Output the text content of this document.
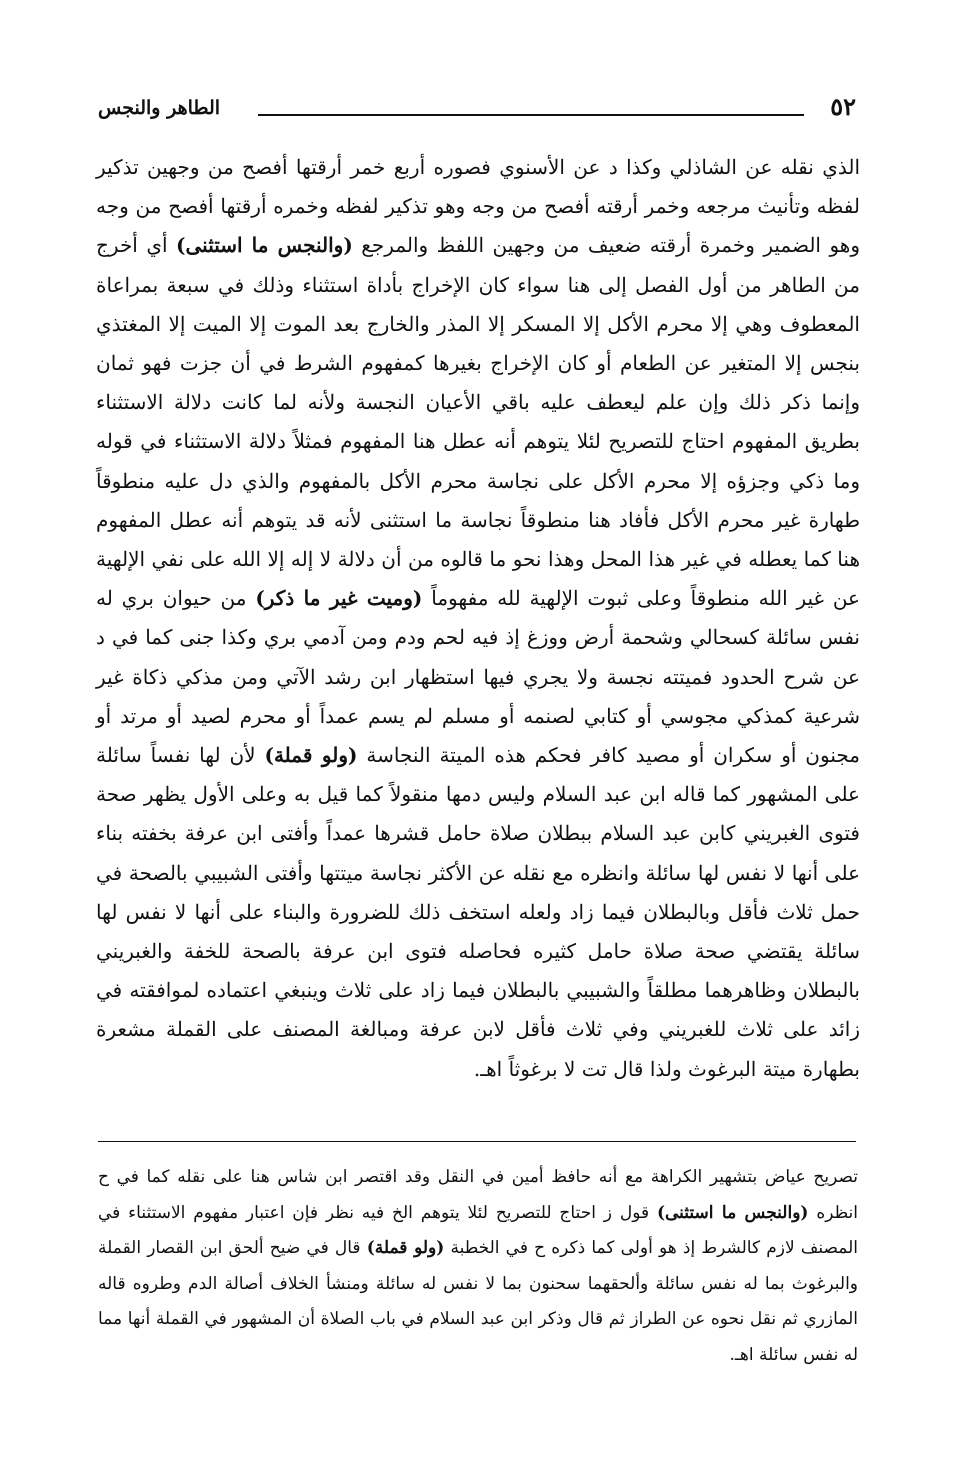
٥٢
الطاهر والنجس

الذي نقله عن الشاذلي وكذا د عن الأسنوي فصوره أربع خمر أرقتها أفصح من وجهين تذكير لفظه وتأنيث مرجعه وخمر أرقته أفصح من وجه وهو تذكير لفظه وخمره أرقتها أفصح من وجه وهو الضمير وخمرة أرقته ضعيف من وجهين اللفظ والمرجع (والنجس ما استثنى) أي أخرج من الطاهر من أول الفصل إلى هنا سواء كان الإخراج بأداة استثناء وذلك في سبعة بمراعاة المعطوف وهي إلا محرم الأكل إلا المسكر إلا المذر والخارج بعد الموت إلا الميت إلا المغتذي بنجس إلا المتغير عن الطعام أو كان الإخراج بغيرها كمفهوم الشرط في أن جزت فهو ثمان وإنما ذكر ذلك وإن علم ليعطف عليه باقي الأعيان النجسة ولأنه لما كانت دلالة الاستثناء بطريق المفهوم احتاج للتصريح لئلا يتوهم أنه عطل هنا المفهوم فمثلاً دلالة الاستثناء في قوله وما ذكي وجزؤه إلا محرم الأكل على نجاسة محرم الأكل بالمفهوم والذي دل عليه منطوقاً طهارة غير محرم الأكل فأفاد هنا منطوقاً نجاسة ما استثنى لأنه قد يتوهم أنه عطل المفهوم هنا كما يعطله في غير هذا المحل وهذا نحو ما قالوه من أن دلالة لا إله إلا الله على نفي الإلهية عن غير الله منطوقاً وعلى ثبوت الإلهية لله مفهوماً (وميت غير ما ذكر) من حيوان بري له نفس سائلة كسحالي وشحمة أرض ووزغ إذ فيه لحم ودم ومن آدمي بري وكذا جنى كما في د عن شرح الحدود فميتته نجسة ولا يجري فيها استظهار ابن رشد الآتي ومن مذكي ذكاة غير شرعية كمذكي مجوسي أو كتابي لصنمه أو مسلم لم يسم عمداً أو محرم لصيد أو مرتد أو مجنون أو سكران أو مصيد كافر فحكم هذه الميتة النجاسة (ولو قملة) لأن لها نفساً سائلة على المشهور كما قاله ابن عبد السلام وليس دمها منقولاً كما قيل به وعلى الأول يظهر صحة فتوى الغبريني كابن عبد السلام ببطلان صلاة حامل قشرها عمداً وأفتى ابن عرفة بخفته بناء على أنها لا نفس لها سائلة وانظره مع نقله عن الأكثر نجاسة ميتتها وأفتى الشبيبي بالصحة في حمل ثلاث فأقل وبالبطلان فيما زاد ولعله استخف ذلك للضرورة والبناء على أنها لا نفس لها سائلة يقتضي صحة صلاة حامل كثيره فحاصله فتوى ابن عرفة بالصحة للخفة والغبريني بالبطلان وظاهرهما مطلقاً والشبيبي بالبطلان فيما زاد على ثلاث وينبغي اعتماده لموافقته في زائد على ثلاث للغبريني وفي ثلاث فأقل لابن عرفة ومبالغة المصنف على القملة مشعرة بطهارة ميتة البرغوث ولذا قال تت لا برغوثاً اهـ.

تصريح عياض بتشهير الكراهة مع أنه حافظ أمين في النقل وقد اقتصر ابن شاس هنا على نقله كما في ح انظره (والنجس ما استثنى) قول ز احتاج للتصريح لئلا يتوهم الخ فيه نظر فإن اعتبار مفهوم الاستثناء في المصنف لازم كالشرط إذ هو أولى كما ذكره ح في الخطبة (ولو قملة) قال في ضيح ألحق ابن القصار القملة والبرغوث بما له نفس سائلة وألحقهما سحنون بما لا نفس له سائلة ومنشأ الخلاف أصالة الدم وطروه قاله المازري ثم نقل نحوه عن الطراز ثم قال وذكر ابن عبد السلام في باب الصلاة أن المشهور في القملة أنها مما له نفس سائلة اهـ.
